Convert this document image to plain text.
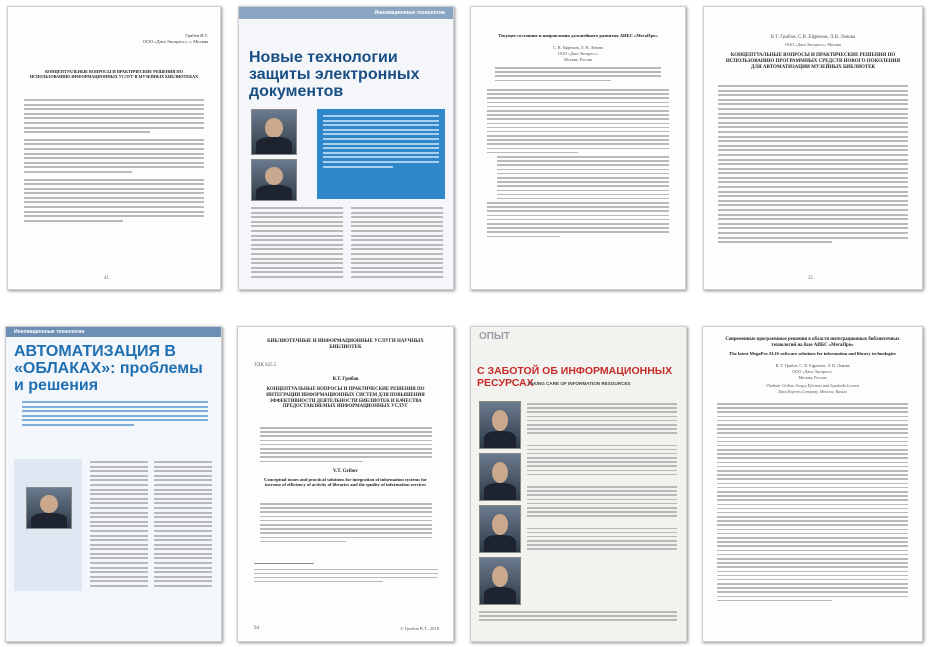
Грибов В.Т.
ООО «Дата Экспресс», г. Москва
КОНЦЕПТУАЛЬНЫЕ ВОПРОСЫ И ПРАКТИЧЕСКИЕ РЕШЕНИЯ ПО ИСПОЛЬЗОВАНИЮ ИНФОРМАЦИОННЫХ УСЛУГ В МУЗЕЙНЫХ БИБЛИОТЕКАХ
41
Инновационные технологии
Новые технологии защиты электронных документов
Текущее состояние и направления дальнейшего развития АИБС «МегаПро»
С. В. Ефремов, Л. В. Левова
ООО «Дата Экспресс»
Москва, Россия
В.Т. Грибов, С.В. Ефремов, Л.В. Левова
ООО «Дата Экспресс», Москва
КОНЦЕПТУАЛЬНЫЕ ВОПРОСЫ И ПРАКТИЧЕСКИЕ РЕШЕНИЯ ПО ИСПОЛЬЗОВАНИЮ ПРОГРАММНЫХ СРЕДСТВ НОВОГО ПОКОЛЕНИЯ ДЛЯ АВТОМАТИЗАЦИИ МУЗЕЙНЫХ БИБЛИОТЕК
35
Инновационные технологии
АВТОМАТИЗАЦИЯ В «ОБЛАКАХ»: проблемы и решения
БИБЛИОТЕЧНЫЕ И ИНФОРМАЦИОННЫЕ УСЛУГИ НАУЧНЫХ БИБЛИОТЕК
УДК 025.5
В.Т. Грибов
КОНЦЕПТУАЛЬНЫЕ ВОПРОСЫ И ПРАКТИЧЕСКИЕ РЕШЕНИЯ ПО ИНТЕГРАЦИИ ИНФОРМАЦИОННЫХ СИСТЕМ ДЛЯ ПОВЫШЕНИЯ ЭФФЕКТИВНОСТИ ДЕЯТЕЛЬНОСТИ БИБЛИОТЕК И КАЧЕСТВА ПРЕДОСТАВЛЯЕМЫХ ИНФОРМАЦИОННЫХ УСЛУГ
V.T. Gribov
Conceptual issues and practical solutions for integration of information systems for increase of efficiency of activity of libraries and the quality of information services
94	© Грибов В.Т., 2018
ОПЫТ
С ЗАБОТОЙ ОБ ИНФОРМАЦИОННЫХ РЕСУРСАХ
TAKING CARE OF INFORMATION RESOURCES
Современные программные решения в области интеграционных библиотечных технологий на базе АИБС «МегаПро»
The latest MegaPro ALIS software solutions for information and library technologies
В. Т. Грибов, С. В. Ефремов, Л. В. Левова
ООО «Дата Экспресс»
Москва, Россия
Vladimir Gribov, Sergey Efremov and Lyudmila Levova
Data Express Company, Moscow, Russia
